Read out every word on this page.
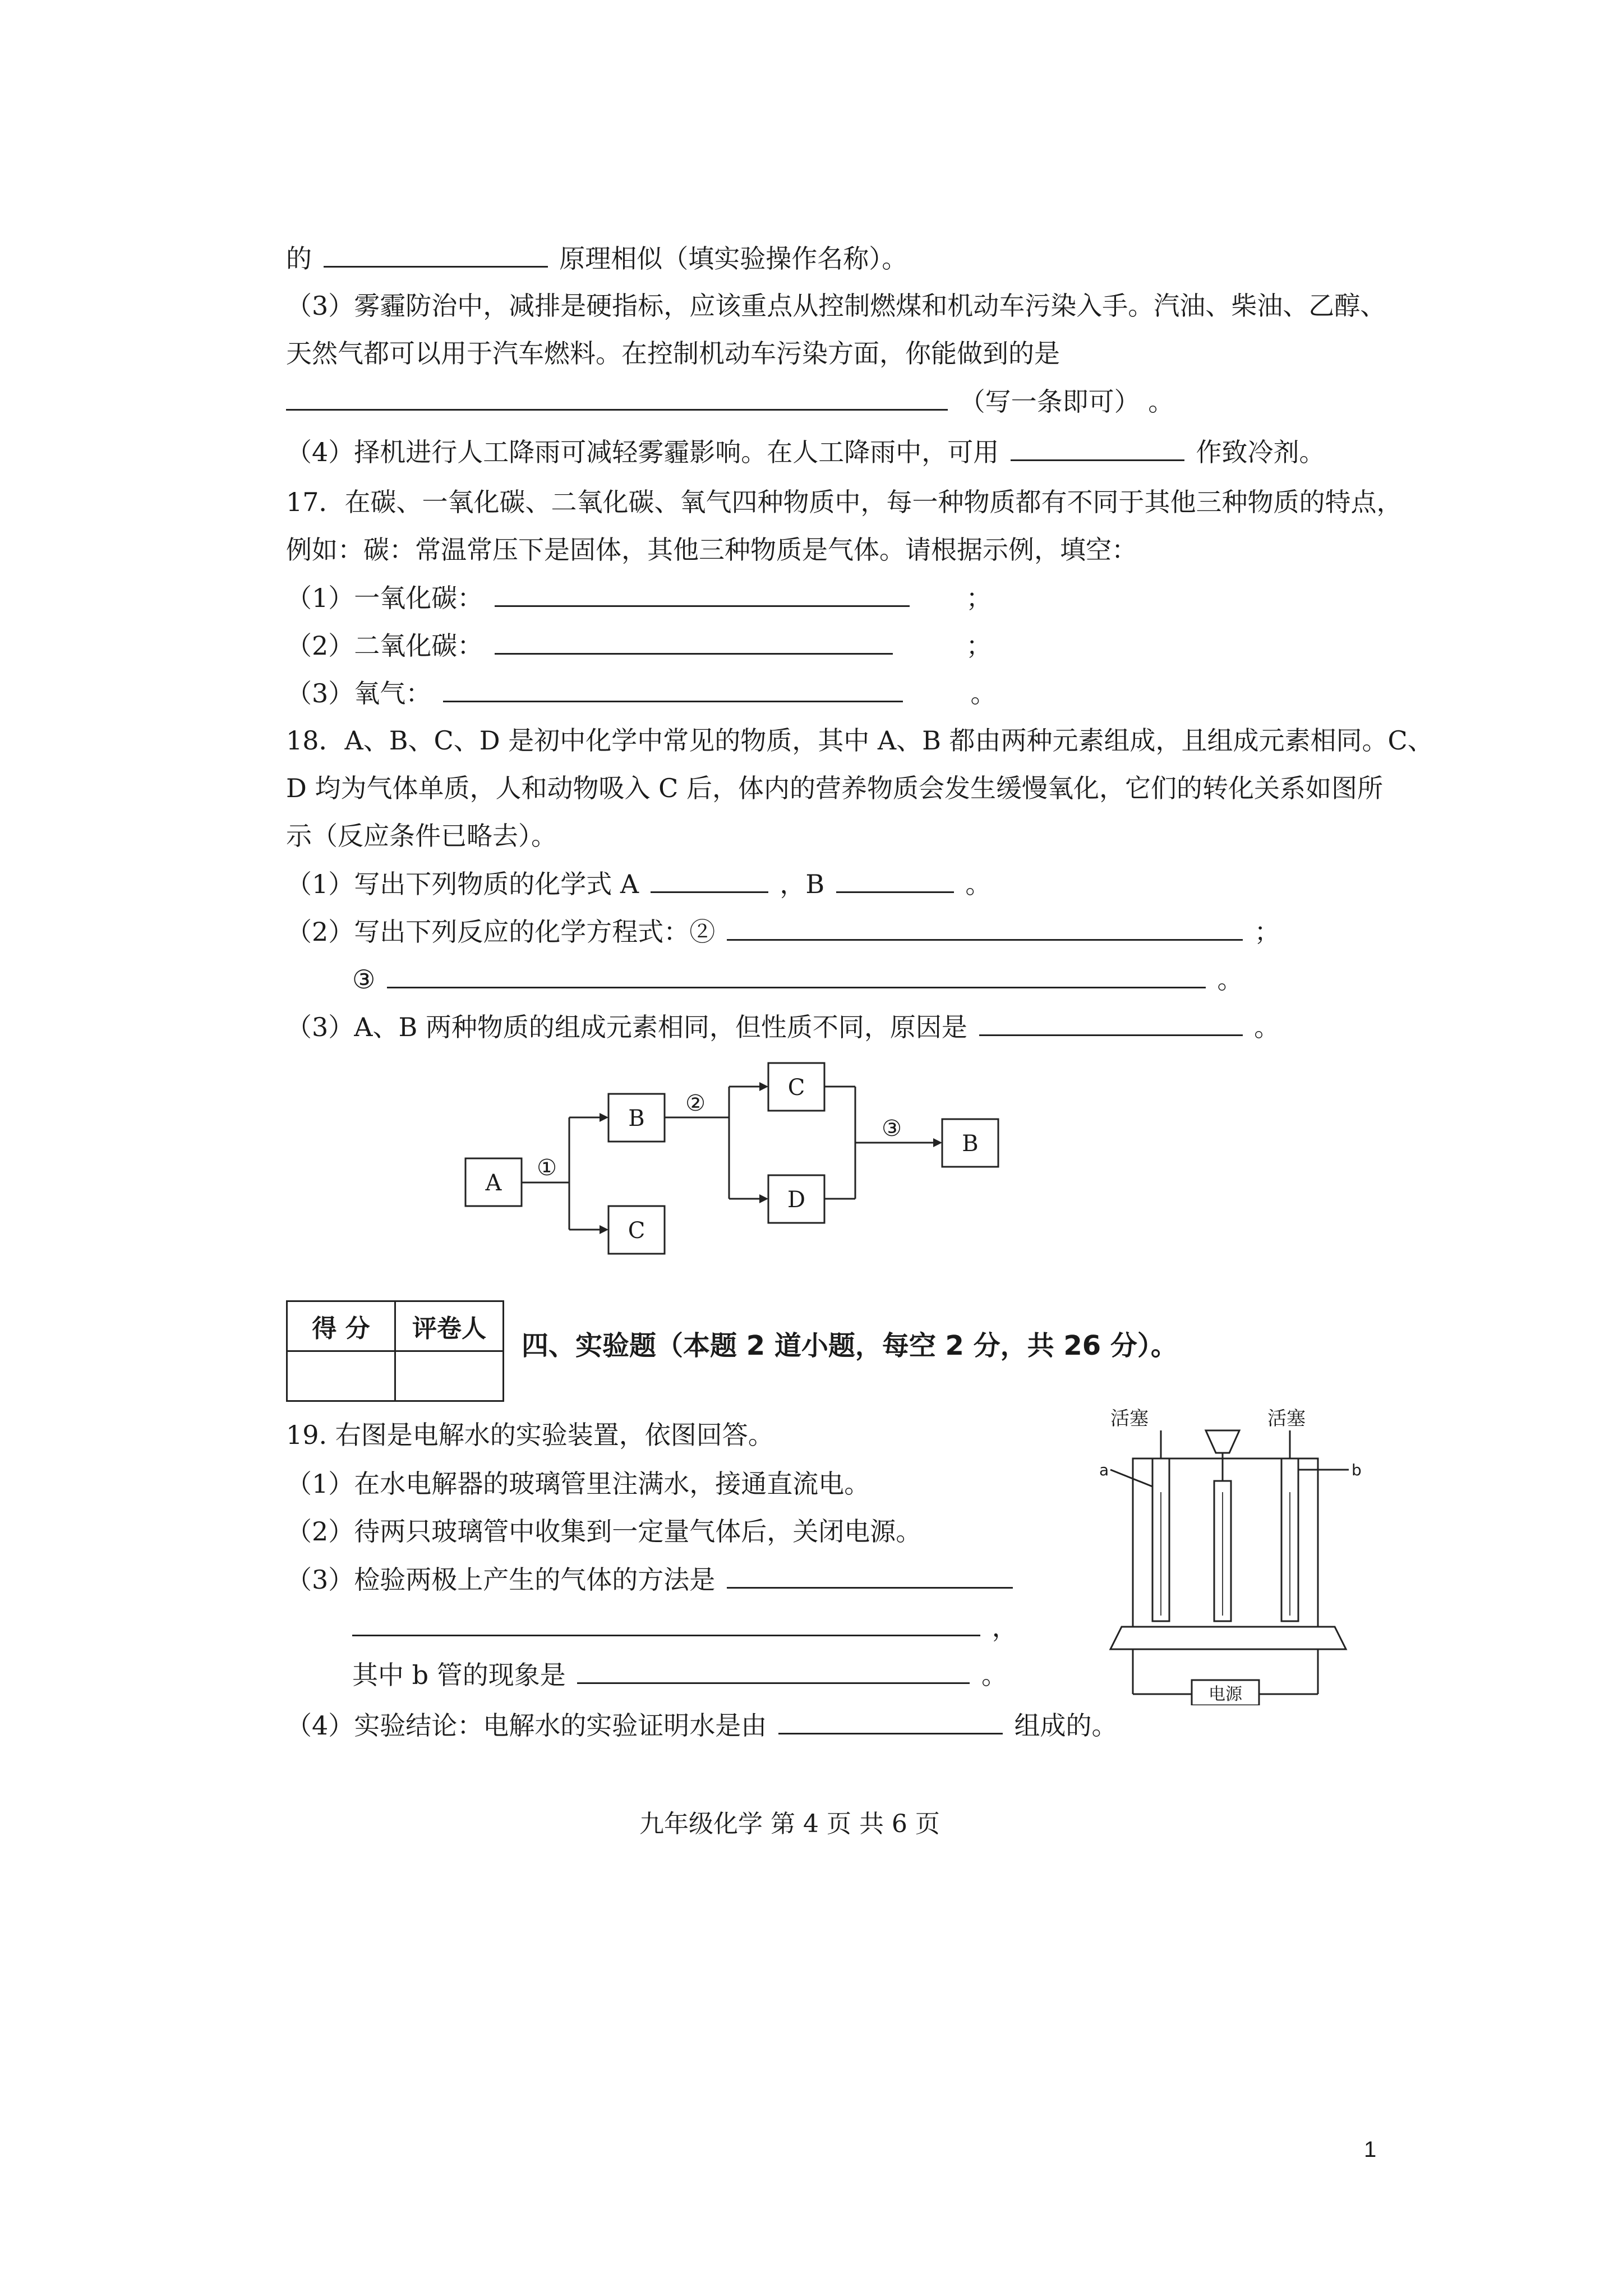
的	原理相似（填实验操作名称）。
（3）雾霾防治中，减排是硬指标，应该重点从控制燃煤和机动车污染入手。汽油、柴油、乙醇、
天然气都可以用于汽车燃料。在控制机动车污染方面，你能做到的是
（写一条即可） 。
（4）择机进行人工降雨可减轻雾霾影响。在人工降雨中，可用	作致冷剂。
17．在碳、一氧化碳、二氧化碳、氧气四种物质中，每一种物质都有不同于其他三种物质的特点，
例如：碳：常温常压下是固体，其他三种物质是气体。请根据示例，填空：
（1）一氧化碳：	；
（2）二氧化碳：	；
（3）氧气：	。
18．A、B、C、D 是初中化学中常见的物质，其中 A、B 都由两种元素组成，且组成元素相同。C、
D 均为气体单质，人和动物吸入 C 后，体内的营养物质会发生缓慢氧化，它们的转化关系如图所
示（反应条件已略去）。
（1）写出下列物质的化学式 A	，B	。
（2）写出下列反应的化学方程式：②	；
③	。
（3）A、B 两种物质的组成元素相同，但性质不同，原因是	。
A
B
C
C
D
B
①
②
③
得 分	评卷人

四、实验题（本题 2 道小题，每空 2 分，共 26 分）。
19. 右图是电解水的实验装置，依图回答。
（1）在水电解器的玻璃管里注满水，接通直流电。
（2）待两只玻璃管中收集到一定量气体后，关闭电源。
（3）检验两极上产生的气体的方法是
，
其中 b 管的现象是	。
（4）实验结论：电解水的实验证明水是由	组成的。
活塞	活塞
a	b
电源
九年级化学 第 4 页 共 6 页
1
